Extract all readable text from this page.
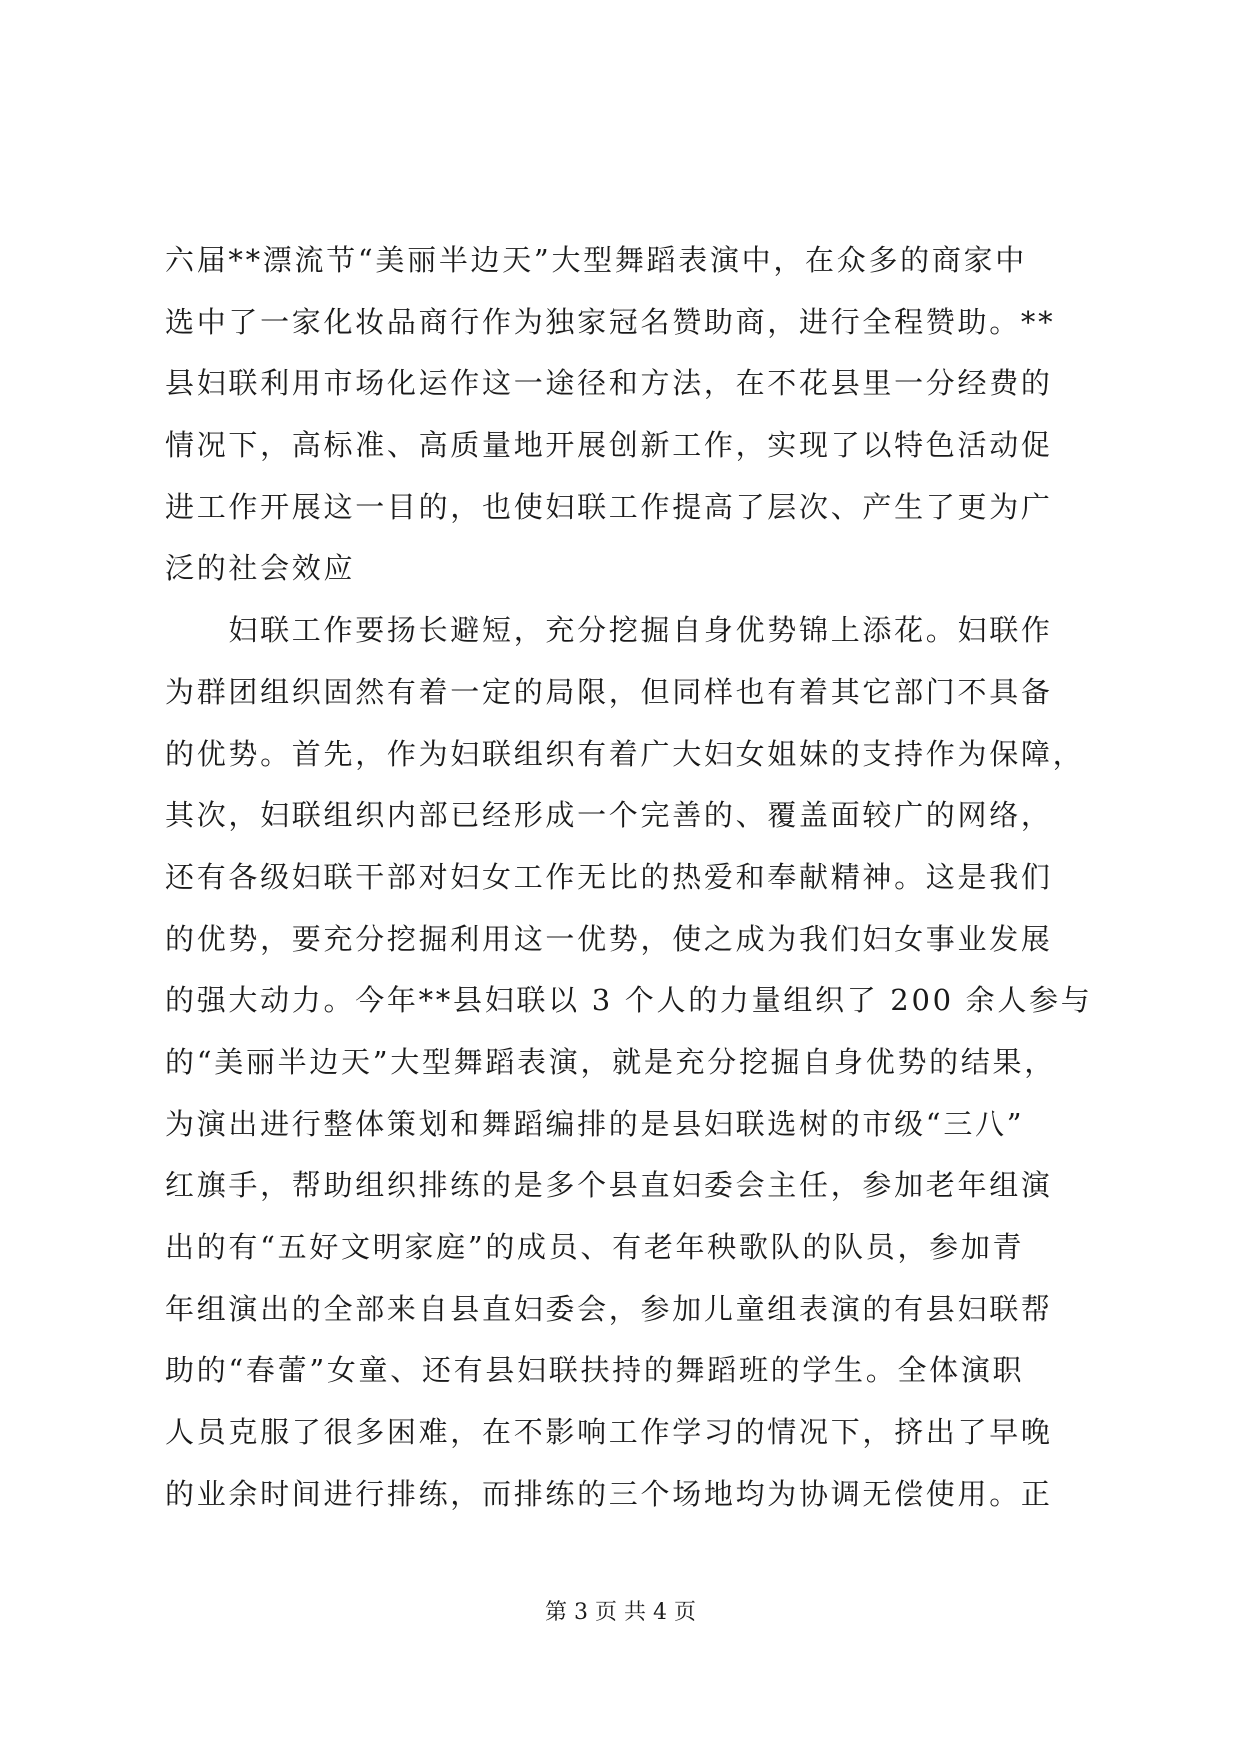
六届**漂流节“美丽半边天”大型舞蹈表演中，在众多的商家中
选中了一家化妆品商行作为独家冠名赞助商，进行全程赞助。**
县妇联利用市场化运作这一途径和方法，在不花县里一分经费的
情况下，高标准、高质量地开展创新工作，实现了以特色活动促
进工作开展这一目的，也使妇联工作提高了层次、产生了更为广
泛的社会效应
　　妇联工作要扬长避短，充分挖掘自身优势锦上添花。妇联作
为群团组织固然有着一定的局限，但同样也有着其它部门不具备
的优势。首先，作为妇联组织有着广大妇女姐妹的支持作为保障，
其次，妇联组织内部已经形成一个完善的、覆盖面较广的网络，
还有各级妇联干部对妇女工作无比的热爱和奉献精神。这是我们
的优势，要充分挖掘利用这一优势，使之成为我们妇女事业发展
的强大动力。今年**县妇联以 3 个人的力量组织了 200 余人参与
的“美丽半边天”大型舞蹈表演，就是充分挖掘自身优势的结果，
为演出进行整体策划和舞蹈编排的是县妇联选树的市级“三八”
红旗手，帮助组织排练的是多个县直妇委会主任，参加老年组演
出的有“五好文明家庭”的成员、有老年秧歌队的队员，参加青
年组演出的全部来自县直妇委会，参加儿童组表演的有县妇联帮
助的“春蕾”女童、还有县妇联扶持的舞蹈班的学生。全体演职
人员克服了很多困难，在不影响工作学习的情况下，挤出了早晚
的业余时间进行排练，而排练的三个场地均为协调无偿使用。正
第 3 页 共 4 页
